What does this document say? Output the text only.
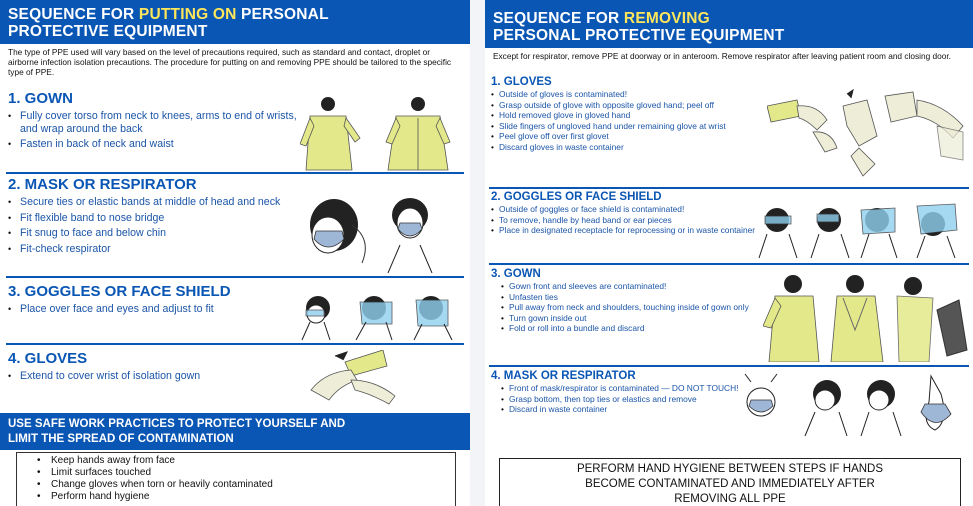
SEQUENCE FOR PUTTING ON PERSONAL
PROTECTIVE EQUIPMENT
The type of PPE used will vary based on the level of precautions required, such as standard and contact, droplet or airborne infection isolation precautions. The procedure for putting on and removing PPE should be tailored to the specific type of PPE.
1. GOWN
• Fully cover torso from neck to knees, arms to end of wrists, and wrap around the back
• Fasten in back of neck and waist
2. MASK OR RESPIRATOR
• Secure ties or elastic bands at middle of head and neck
• Fit flexible band to nose bridge
• Fit snug to face and below chin
• Fit-check respirator
3. GOGGLES OR FACE SHIELD
• Place over face and eyes and adjust to fit
4. GLOVES
• Extend to cover wrist of isolation gown
USE SAFE WORK PRACTICES TO PROTECT YOURSELF AND
LIMIT THE SPREAD OF CONTAMINATION
• Keep hands away from face
• Limit surfaces touched
• Change gloves when torn or heavily contaminated
• Perform hand hygiene
SEQUENCE FOR REMOVING
PERSONAL PROTECTIVE EQUIPMENT
Except for respirator, remove PPE at doorway or in anteroom. Remove respirator after leaving patient room and closing door.
1. GLOVES
• Outside of gloves is contaminated!
• Grasp outside of glove with opposite gloved hand; peel off
• Hold removed glove in gloved hand
• Slide fingers of ungloved hand under remaining glove at wrist
• Peel glove off over first glovet
• Discard gloves in waste container
2. GOGGLES OR FACE SHIELD
• Outside of goggles or face shield is contaminated!
• To remove, handle by head band or ear pieces
• Place in designated receptacle for reprocessing or in waste container
3. GOWN
• Gown front and sleeves are contaminated!
• Unfasten ties
• Pull away from neck and shoulders, touching inside of gown only
• Turn gown inside out
• Fold or roll into a bundle and discard
4. MASK OR RESPIRATOR
• Front of mask/respirator is contaminated — DO NOT TOUCH!
• Grasp bottom, then top ties or elastics and remove
• Discard in waste container
PERFORM HAND HYGIENE BETWEEN STEPS IF HANDS
BECOME CONTAMINATED AND IMMEDIATELY AFTER
REMOVING ALL PPE
